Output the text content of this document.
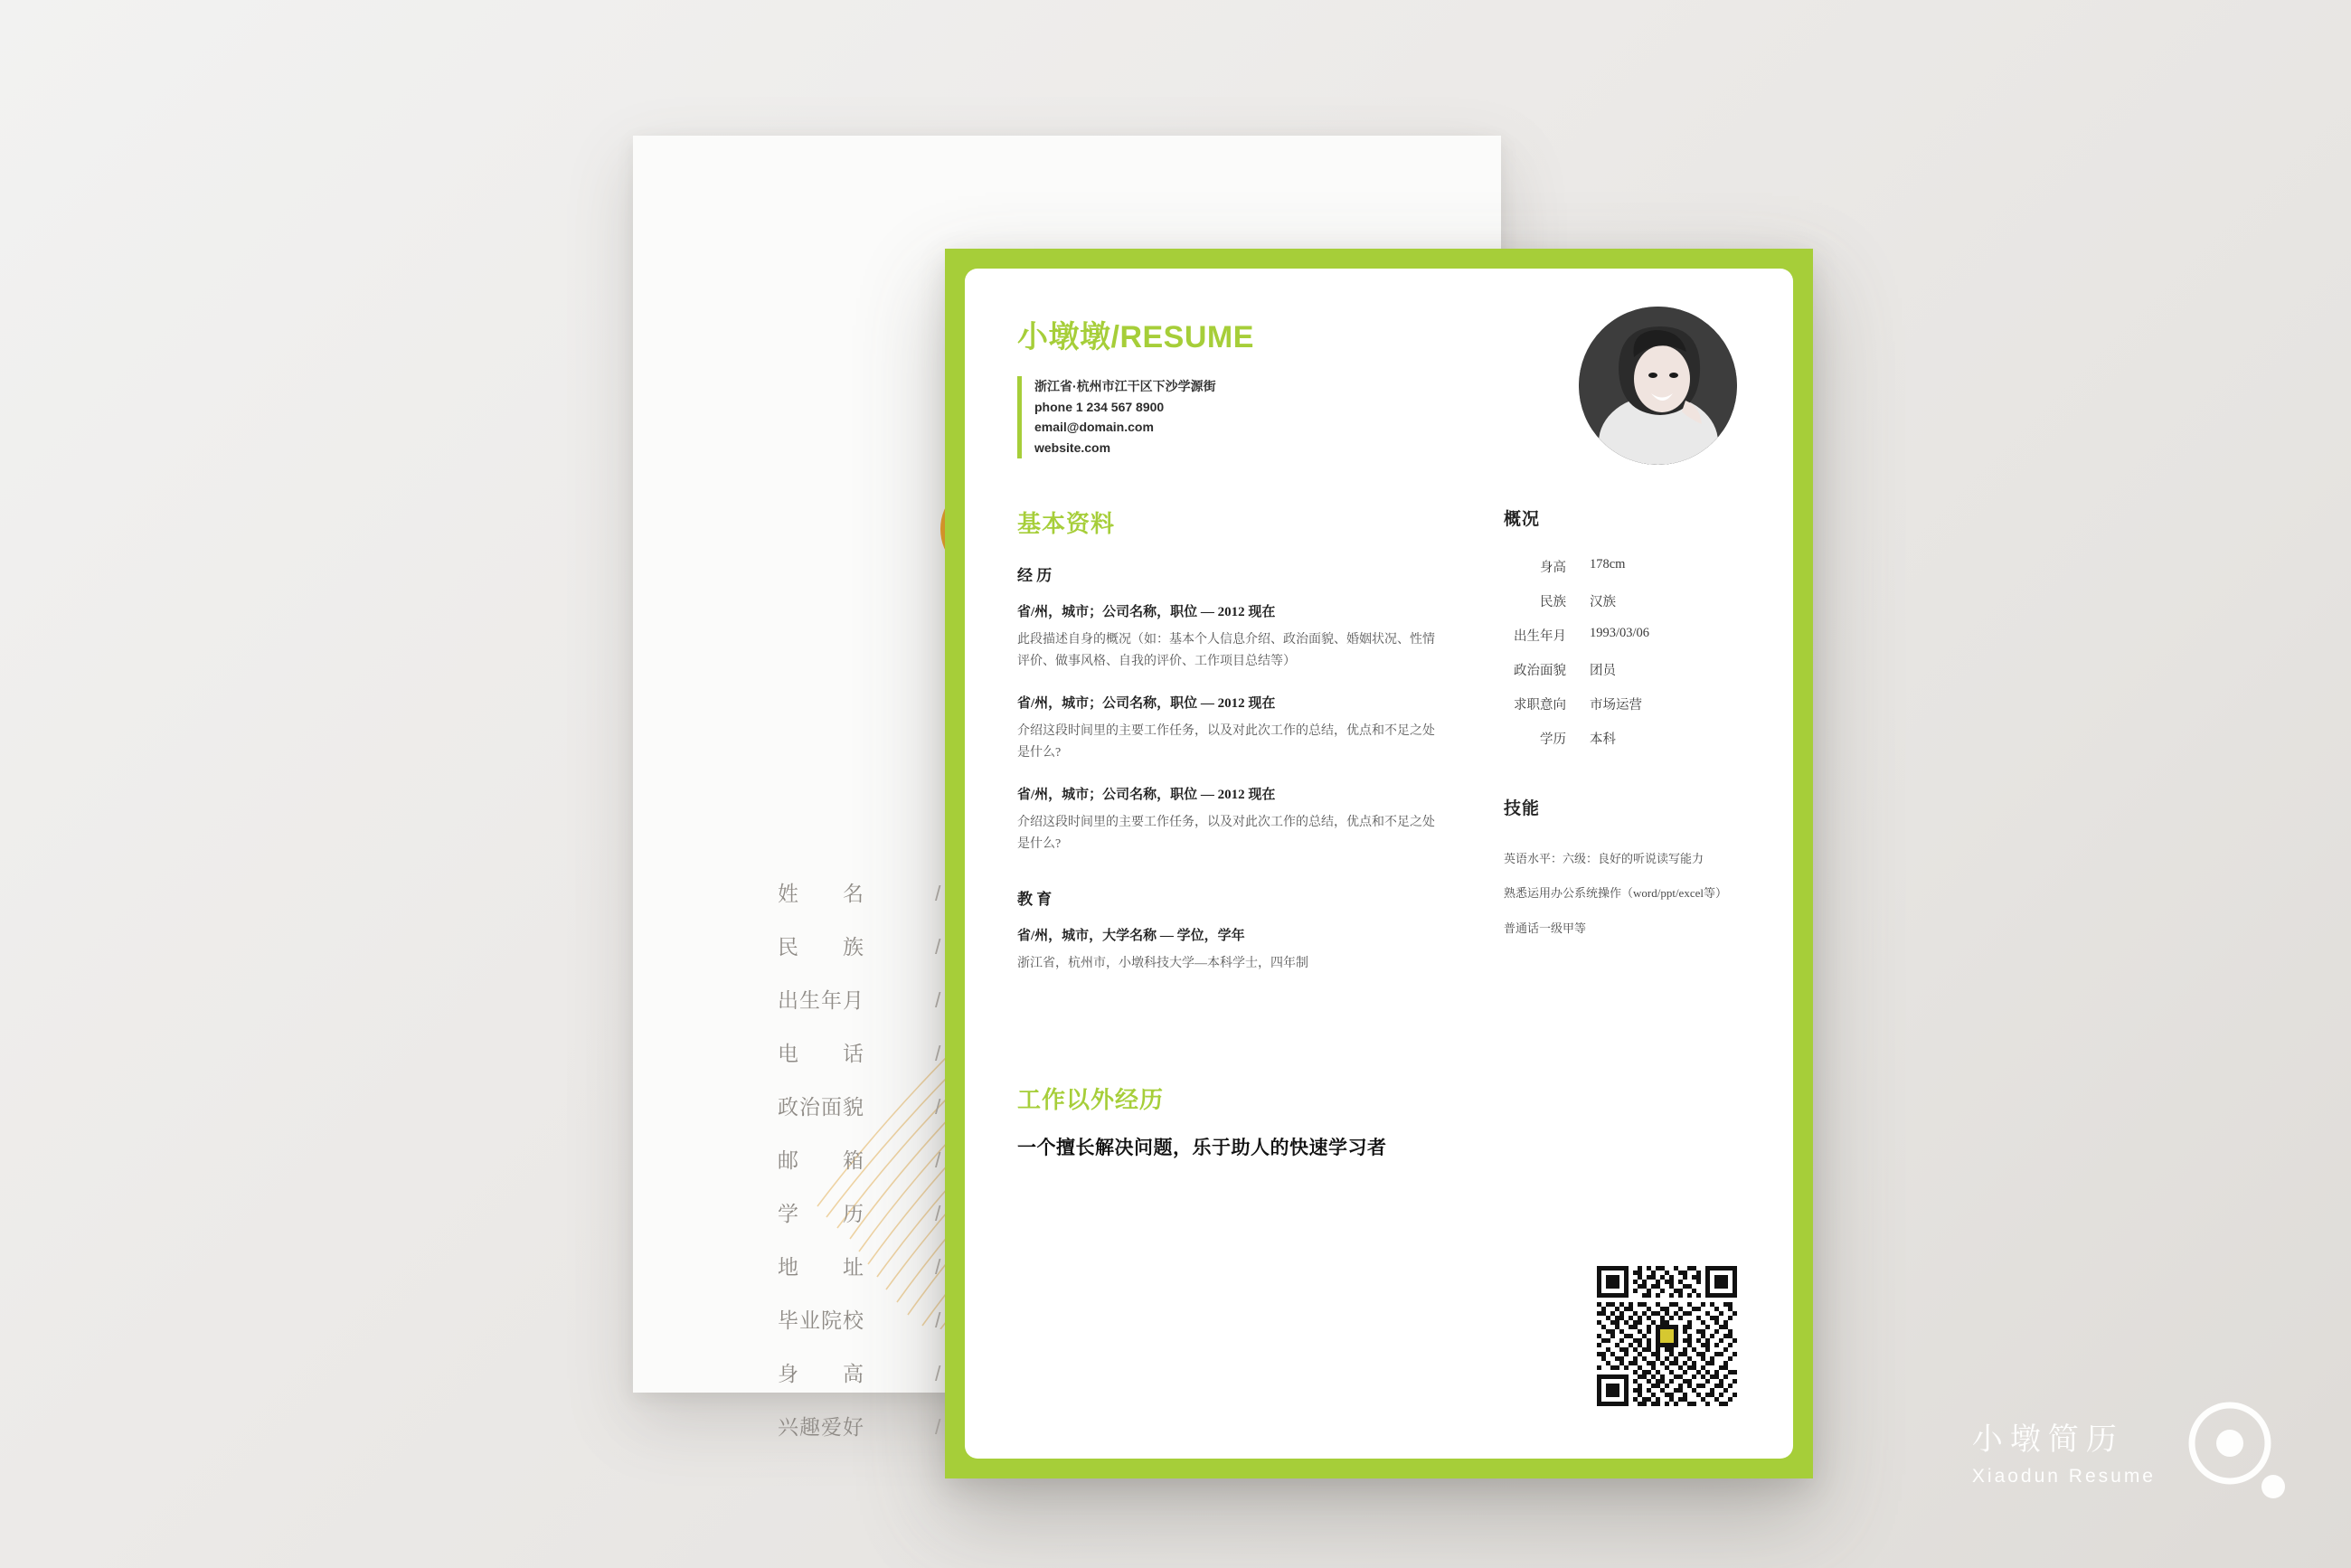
姓　　名	/
民　　族	/
出生年月	/
电　　话	/
政治面貌	/
邮　　箱	/
学　　历	/
地　　址	/
毕业院校	/
身　　高	/
兴趣爱好	/
小墩墩/RESUME
浙江省·杭州市江干区下沙学源街
phone 1 234 567 8900
email@domain.com
website.com
基本资料
经 历

省/州，城市；公司名称，职位 — 2012 现在

此段描述自身的概况（如：基本个人信息介绍、政治面貌、婚姻状况、性情评价、做事风格、自我的评价、工作项目总结等）

省/州，城市；公司名称，职位 — 2012 现在

介绍这段时间里的主要工作任务，以及对此次工作的总结，优点和不足之处是什么?

省/州，城市；公司名称，职位 — 2012 现在

介绍这段时间里的主要工作任务，以及对此次工作的总结，优点和不足之处是什么?

教 育

省/州，城市，大学名称 — 学位，学年

浙江省，杭州市，小墩科技大学—本科学士，四年制

概况
身高	178cm
民族	汉族
出生年月	1993/03/06
政治面貌	团员
求职意向	市场运营
学历	本科
技能

英语水平：六级：良好的听说读写能力

熟悉运用办公系统操作（word/ppt/excel等）

普通话一级甲等

工作以外经历

一个擅长解决问题，乐于助人的快速学习者

小墩简历

Xiaodun Resume
